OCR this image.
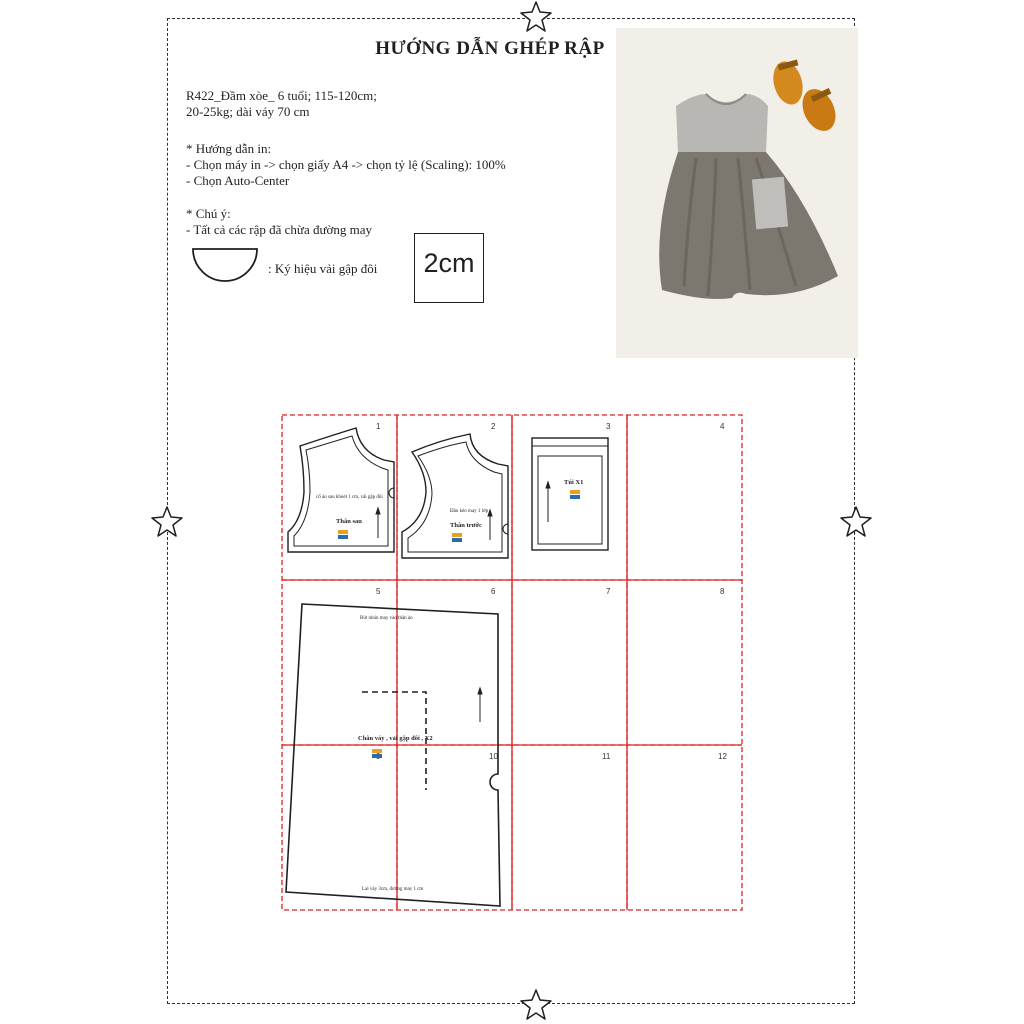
HƯỚNG DẪN GHÉP RẬP
R422_Đầm xòe_ 6 tuổi; 115-120cm;
20-25kg; dài váy 70 cm
* Hướng dẫn in:
- Chọn máy in -> chọn giấy A4 -> chọn tỷ lệ (Scaling): 100%
- Chọn Auto-Center
* Chú ý:
- Tất cả các rập đã chừa đường may
: Ký hiệu vải gập đôi	2cm
1	2	3	4
5	6	7	8
10	11	12
cổ áo sau khoét 1 cm, vải gập đôi
Thân sau
Đầu kéo may 1 lớp
Thân trước
Túi X1
Rút nhún may vào thân áo
Chân váy , vải gập đôi , X2
Lai váy 3cm, đường may 1 cm
